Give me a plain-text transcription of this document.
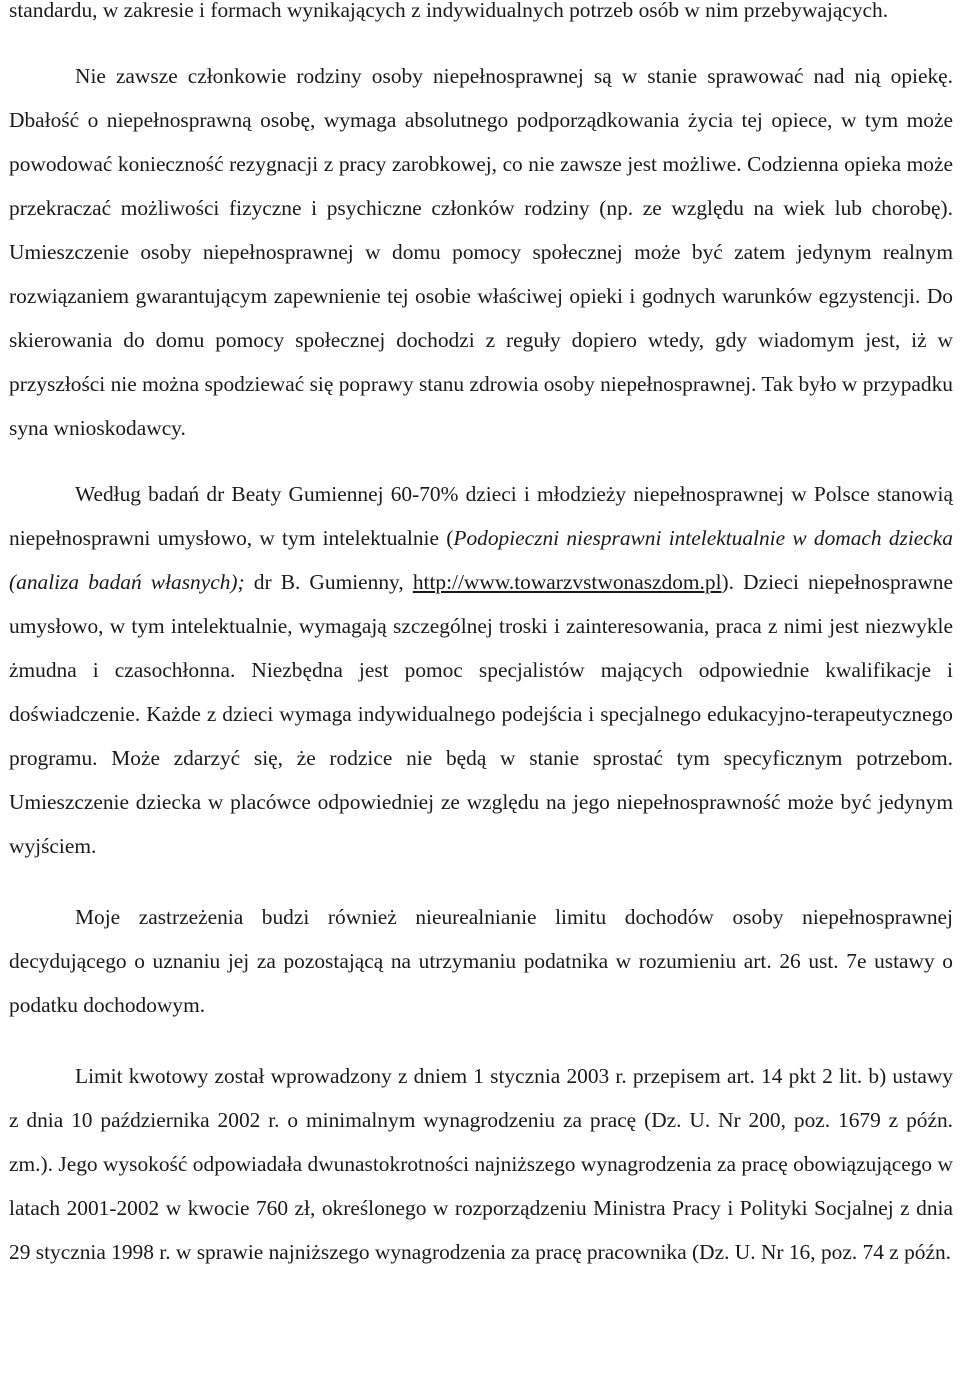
standardu, w zakresie i formach wynikających z indywidualnych potrzeb osób w nim przebywających.

Nie zawsze członkowie rodziny osoby niepełnosprawnej są w stanie sprawować nad nią opiekę. Dbałość o niepełnosprawną osobę, wymaga absolutnego podporządkowania życia tej opiece, w tym może powodować konieczność rezygnacji z pracy zarobkowej, co nie zawsze jest możliwe. Codzienna opieka może przekraczać możliwości fizyczne i psychiczne członków rodziny (np. ze względu na wiek lub chorobę). Umieszczenie osoby niepełnosprawnej w domu pomocy społecznej może być zatem jedynym realnym rozwiązaniem gwarantującym zapewnienie tej osobie właściwej opieki i godnych warunków egzystencji. Do skierowania do domu pomocy społecznej dochodzi z reguły dopiero wtedy, gdy wiadomym jest, iż w przyszłości nie można spodziewać się poprawy stanu zdrowia osoby niepełnosprawnej. Tak było w przypadku syna wnioskodawcy.

Według badań dr Beaty Gumiennej 60-70% dzieci i młodzieży niepełnosprawnej w Polsce stanowią niepełnosprawni umysłowo, w tym intelektualnie (Podopieczni niesprawni intelektualnie w domach dziecka (analiza badań własnych); dr B. Gumienny, http://www.towarzvstwonaszdom.pl). Dzieci niepełnosprawne umysłowo, w tym intelektualnie, wymagają szczególnej troski i zainteresowania, praca z nimi jest niezwykle żmudna i czasochłonna. Niezbędna jest pomoc specjalistów mających odpowiednie kwalifikacje i doświadczenie. Każde z dzieci wymaga indywidualnego podejścia i specjalnego edukacyjno-terapeutycznego programu. Może zdarzyć się, że rodzice nie będą w stanie sprostać tym specyficznym potrzebom. Umieszczenie dziecka w placówce odpowiedniej ze względu na jego niepełnosprawność może być jedynym wyjściem.

Moje zastrzeżenia budzi również nieurealnianie limitu dochodów osoby niepełnosprawnej decydującego o uznaniu jej za pozostającą na utrzymaniu podatnika w rozumieniu art. 26 ust. 7e ustawy o podatku dochodowym.

Limit kwotowy został wprowadzony z dniem 1 stycznia 2003 r. przepisem art. 14 pkt 2 lit. b) ustawy z dnia 10 października 2002 r. o minimalnym wynagrodzeniu za pracę (Dz. U. Nr 200, poz. 1679 z późn. zm.). Jego wysokość odpowiadała dwunastokrotności najniższego wynagrodzenia za pracę obowiązującego w latach 2001-2002 w kwocie 760 zł, określonego w rozporządzeniu Ministra Pracy i Polityki Socjalnej z dnia 29 stycznia 1998 r. w sprawie najniższego wynagrodzenia za pracę pracownika (Dz. U. Nr 16, poz. 74 z późn.
